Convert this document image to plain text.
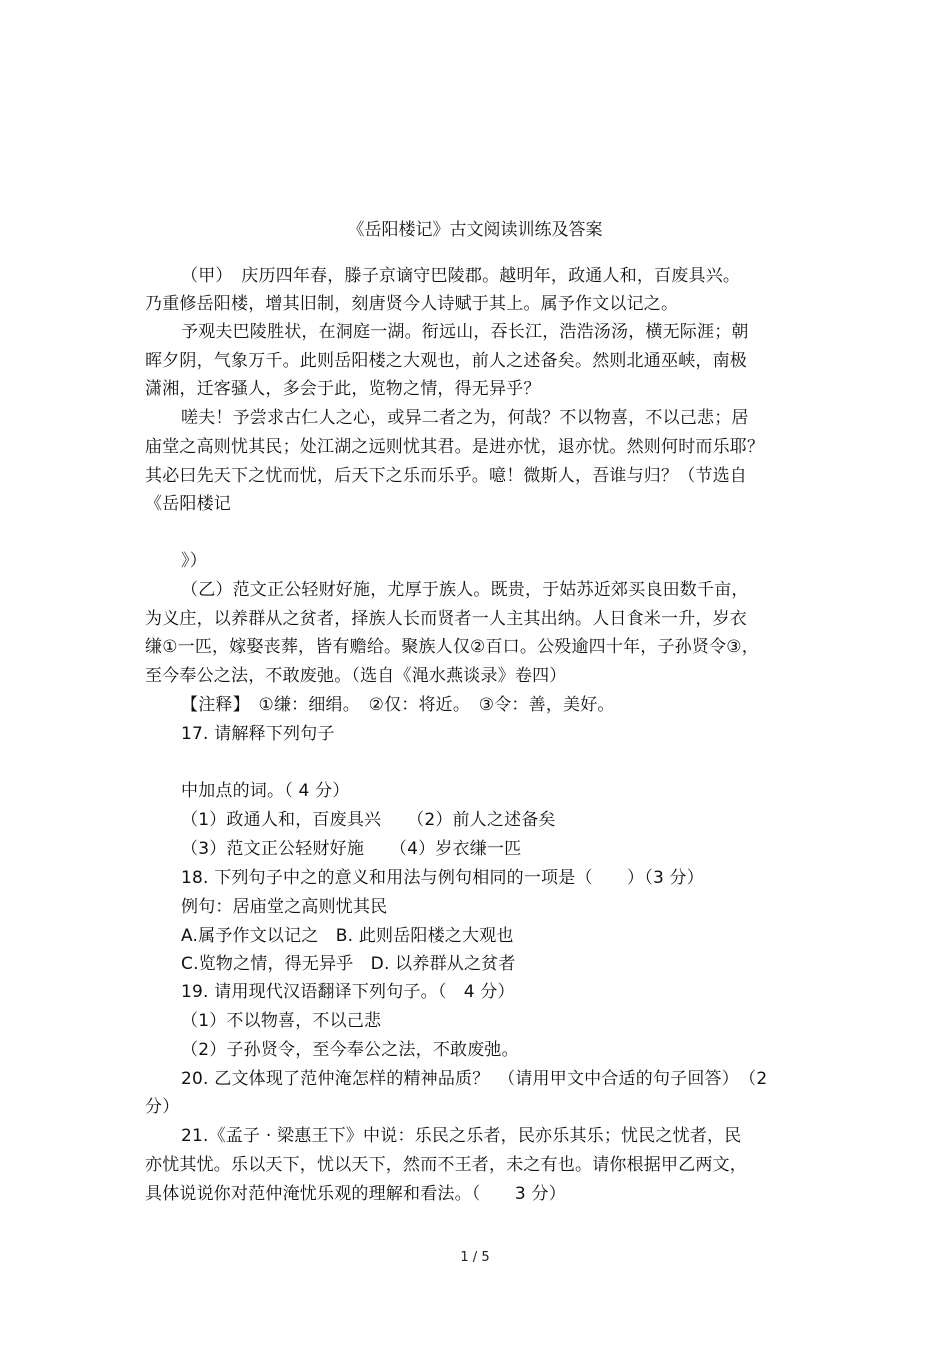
《岳阳楼记》古文阅读训练及答案
（甲）　庆历四年春，滕子京谪守巴陵郡。越明年，政通人和，百废具兴。
乃重修岳阳楼，增其旧制，刻唐贤今人诗赋于其上。属予作文以记之。
予观夫巴陵胜状，在洞庭一湖。衔远山，吞长江，浩浩汤汤，横无际涯；朝
晖夕阴，气象万千。此则岳阳楼之大观也，前人之述备矣。然则北通巫峡，南极
潇湘，迁客骚人，多会于此，览物之情，得无异乎？
嗟夫！予尝求古仁人之心，或异二者之为，何哉？不以物喜，不以己悲；居
庙堂之高则忧其民；处江湖之远则忧其君。是进亦忧，退亦忧。然则何时而乐耶？
其必曰先天下之忧而忧，后天下之乐而乐乎。噫！微斯人，吾谁与归？（节选自
《岳阳楼记
》）
（乙）范文正公轻财好施，尤厚于族人。既贵，于姑苏近郊买良田数千亩，
为义庄，以养群从之贫者，择族人长而贤者一人主其出纳。人日食米一升，岁衣
缣①一匹，嫁娶丧葬，皆有赡给。聚族人仅②百口。公殁逾四十年，子孙贤令③，
至今奉公之法，不敢废弛。（选自《渑水燕谈录》卷四）
【注释】　①缣：细绢。　②仅：将近。　③令：善，美好。
17. 请解释下列句子
中加点的词。（ 4 分）
（1）政通人和，百废具兴　　（2）前人之述备矣
（3）范文正公轻财好施　　（4）岁衣缣一匹
18. 下列句子中之的意义和用法与例句相同的一项是（　　）（3 分）
例句：居庙堂之高则忧其民
A.属予作文以记之　B. 此则岳阳楼之大观也
C.览物之情，得无异乎　D. 以养群从之贫者
19. 请用现代汉语翻译下列句子。（　4 分）
（1）不以物喜，不以己悲
（2）子孙贤令，至今奉公之法，不敢废弛。
20. 乙文体现了范仲淹怎样的精神品质？　（请用甲文中合适的句子回答）　（2
分）
21.《孟子 · 梁惠王下》中说：乐民之乐者，民亦乐其乐；忧民之忧者，民
亦忧其忧。乐以天下，忧以天下，然而不王者，未之有也。请你根据甲乙两文，
具体说说你对范仲淹忧乐观的理解和看法。（　　3 分）
1 / 5
